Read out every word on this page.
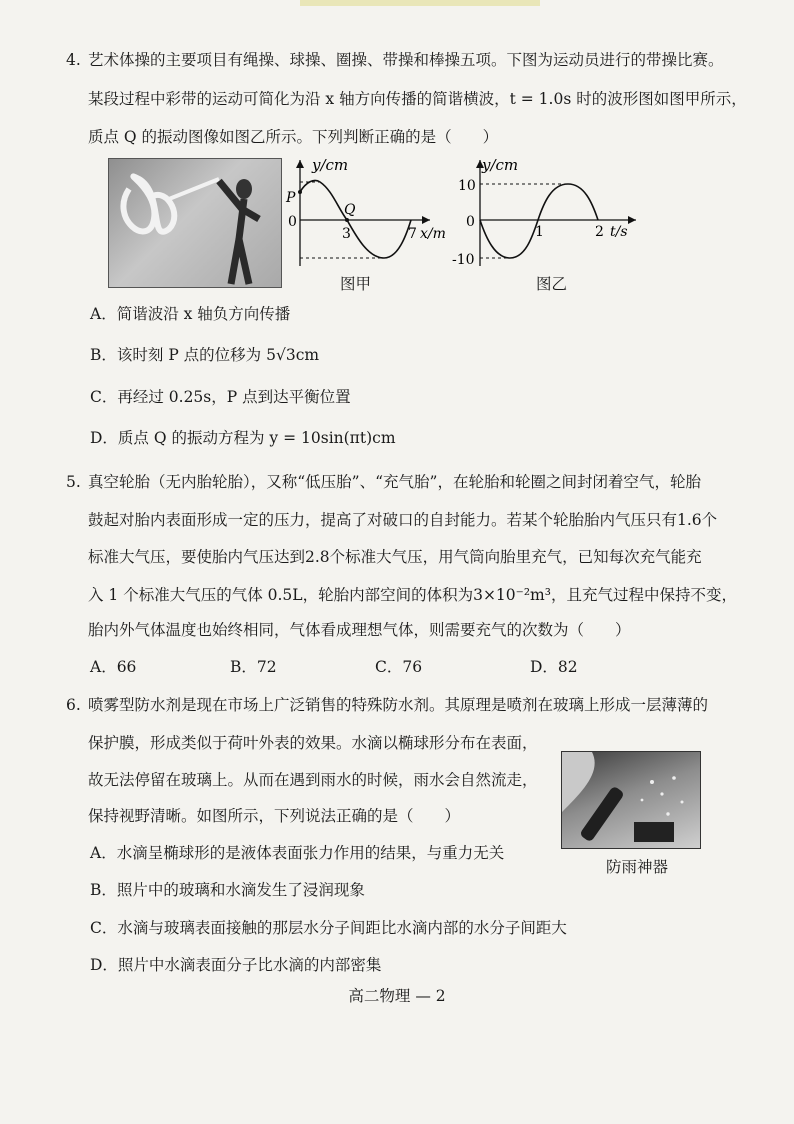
4. 艺术体操的主要项目有绳操、球操、圈操、带操和棒操五项。下图为运动员进行的带操比赛。
某段过程中彩带的运动可简化为沿 x 轴方向传播的简谐横波，t = 1.0s 时的波形图如图甲所示，
质点 Q 的振动图像如图乙所示。下列判断正确的是（　　）
y/cm
P
0
Q
3	7 x/m
图甲
y/cm
10
0
-10
1	2 t/s
图乙
A．简谐波沿 x 轴负方向传播
B．该时刻 P 点的位移为 5√3cm
C．再经过 0.25s，P 点到达平衡位置
D．质点 Q 的振动方程为 y = 10sin(πt)cm
5. 真空轮胎（无内胎轮胎），又称“低压胎”、“充气胎”，在轮胎和轮圈之间封闭着空气，轮胎
鼓起对胎内表面形成一定的压力，提高了对破口的自封能力。若某个轮胎胎内气压只有1.6个
标准大气压，要使胎内气压达到2.8个标准大气压，用气筒向胎里充气，已知每次充气能充
入 1 个标准大气压的气体 0.5L，轮胎内部空间的体积为3×10⁻²m³，且充气过程中保持不变，
胎内外气体温度也始终相同，气体看成理想气体，则需要充气的次数为（　　）
A．66	B．72	C．76	D．82
6. 喷雾型防水剂是现在市场上广泛销售的特殊防水剂。其原理是喷剂在玻璃上形成一层薄薄的
保护膜，形成类似于荷叶外表的效果。水滴以椭球形分布在表面，
故无法停留在玻璃上。从而在遇到雨水的时候，雨水会自然流走，
保持视野清晰。如图所示，下列说法正确的是（　　）
防雨神器
A．水滴呈椭球形的是液体表面张力作用的结果，与重力无关
B．照片中的玻璃和水滴发生了浸润现象
C．水滴与玻璃表面接触的那层水分子间距比水滴内部的水分子间距大
D．照片中水滴表面分子比水滴的内部密集
高二物理 — 2
